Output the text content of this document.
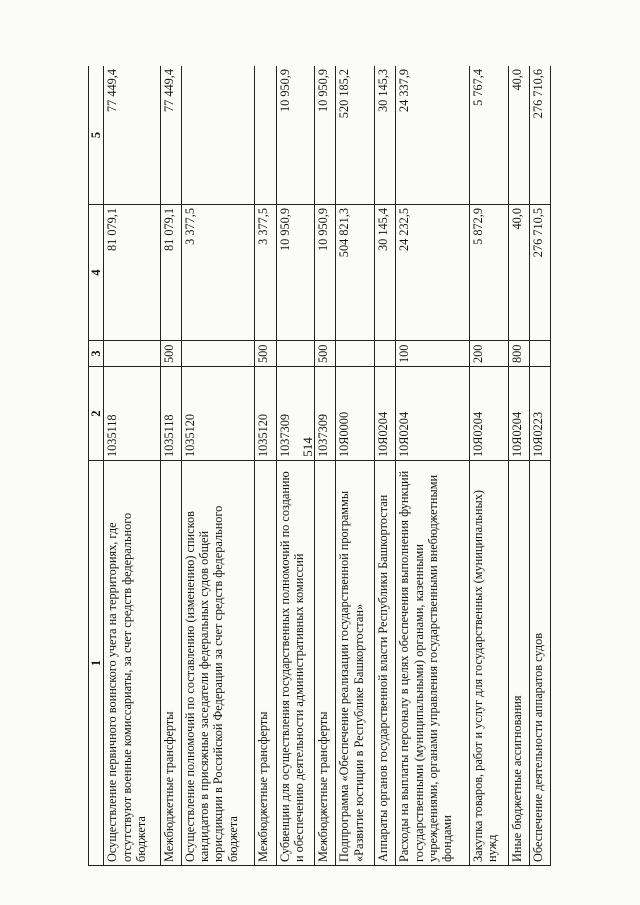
514
1	2	3	4	5
Осуществление первичного воинского учета на территориях, где отсутствуют военные комиссариаты, за счет средств федерального бюджета	1035118		81 079,1	77 449,4
Межбюджетные трансферты	1035118	500	81 079,1	77 449,4
Осуществление полномочий по составлению (изменению) списков кандидатов в присяжные заседатели федеральных судов общей юрисдикции в Российской Федерации за счет средств федерального бюджета	1035120		3 377,5	
Межбюджетные трансферты	1035120	500	3 377,5	
Субвенции для осуществления государственных полномочий по созданию и обеспечению деятельности административных комиссий	1037309		10 950,9	10 950,9
Межбюджетные трансферты	1037309	500	10 950,9	10 950,9
Подпрограмма «Обеспечение реализации государственной программы «Развитие юстиции в Республике Башкортостан»	10Я0000		504 821,3	520 185,2
Аппараты органов государственной власти Республики Башкортостан	10Я0204		30 145,4	30 145,3
Расходы на выплаты персоналу в целях обеспечения выполнения функций государственными (муниципальными) органами, казенными учреждениями, органами управления государственными внебюджетными фондами	10Я0204	100	24 232,5	24 337,9
Закупка товаров, работ и услуг для государственных (муниципальных) нужд	10Я0204	200	5 872,9	5 767,4
Иные бюджетные ассигнования	10Я0204	800	40,0	40,0
Обеспечение деятельности аппаратов судов	10Я0223		276 710,5	276 710,6
